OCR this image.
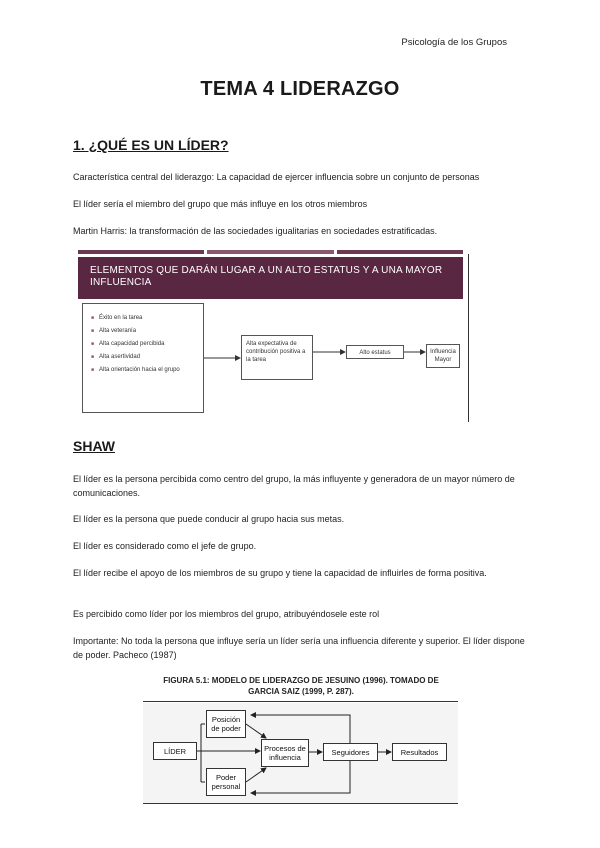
Psicología de los Grupos
TEMA 4 LIDERAZGO
1. ¿QUÉ ES UN LÍDER?
Característica central del liderazgo: La capacidad de ejercer influencia sobre un conjunto de personas
El líder sería el miembro del grupo que más influye en los otros miembros
Martin Harris: la transformación de las sociedades igualitarias en sociedades estratificadas.
ELEMENTOS QUE DARÁN LUGAR A UN ALTO ESTATUS Y A UNA MAYOR INFLUENCIA
■ Éxito en la tarea
■ Alta veteranía
■ Alta capacidad percibida
■ Alta asertividad
■ Alta orientación hacia el grupo
Alta expectativa de contribución positiva a la tarea
Alto estatus	Influencia Mayor
SHAW
El líder es la persona percibida como centro del grupo, la más influyente y generadora de un mayor número de comunicaciones.
El líder es la persona que puede conducir al grupo hacia sus metas.
El líder es considerado como el jefe de grupo.
El líder recibe el apoyo de los miembros de su grupo y tiene la capacidad de influirles de forma positiva.
Es percibido como líder por los miembros del grupo, atribuyéndosele este rol
Importante: No toda la persona que influye sería un líder sería una influencia diferente y superior. El líder dispone de poder. Pacheco (1987)
FIGURA 5.1: MODELO DE LIDERAZGO DE JESUINO (1996). TOMADO DE GARCIA SAIZ (1999, P. 287).
LÍDER
Posición de poder
Poder personal
Procesos de influencia
Seguidores	Resultados
